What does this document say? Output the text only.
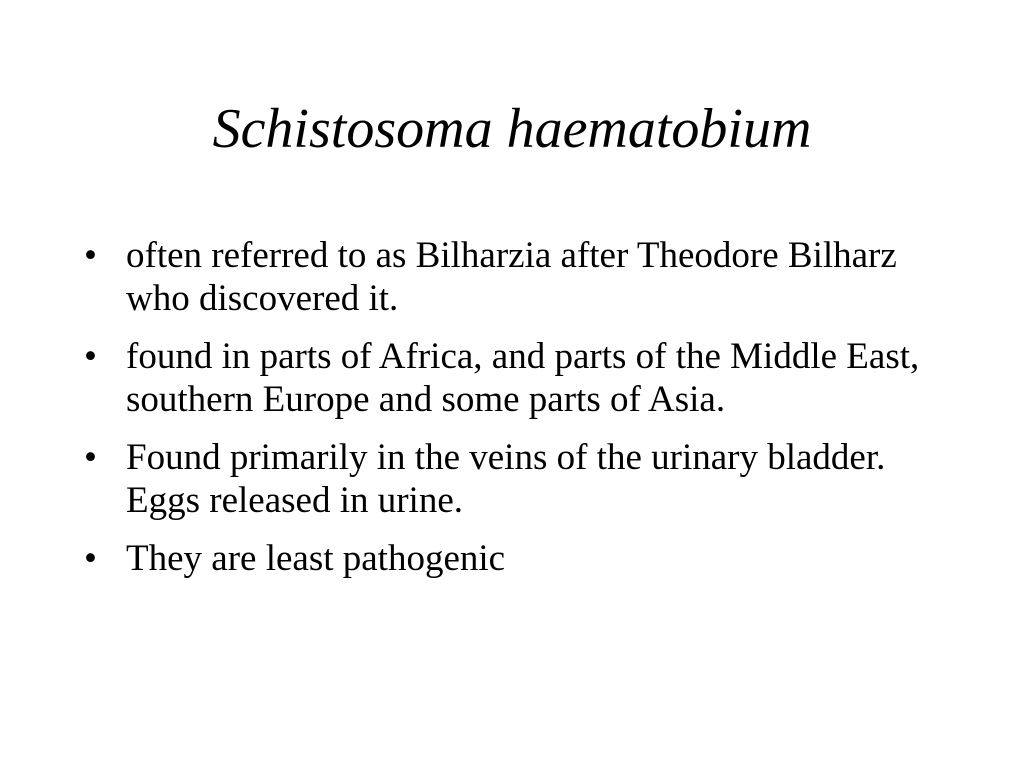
Schistosoma haematobium
• often referred to as Bilharzia after Theodore Bilharz who discovered it.
• found in parts of Africa, and parts of the Middle East, southern Europe and some parts of Asia.
• Found primarily in the veins of the urinary bladder. Eggs released in urine.
• They are least pathogenic
